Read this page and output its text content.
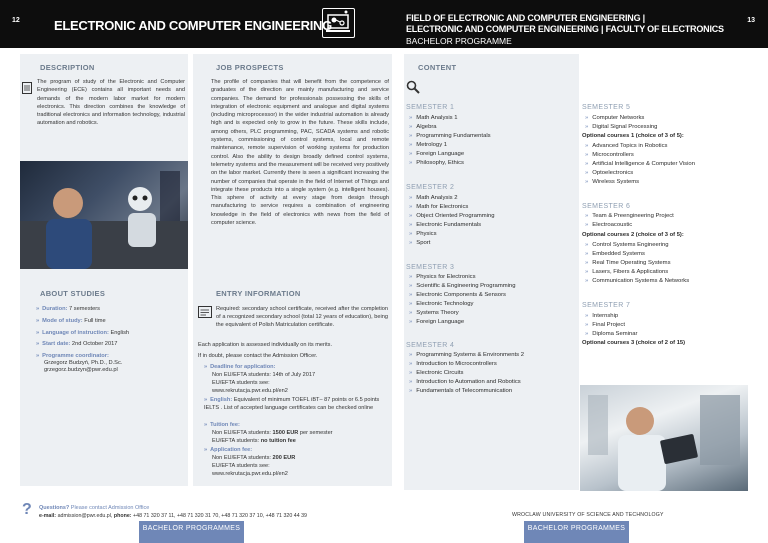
12	ELECTRONIC AND COMPUTER ENGINEERING	FIELD OF ELECTRONIC AND COMPUTER ENGINEERING |
ELECTRONIC AND COMPUTER ENGINEERING | FACULTY OF ELECTRONICS
BACHELOR PROGRAMME
13
DESCRIPTION

The program of study of the Electronic and Computer Engineering (ECE) contains all important needs and demands of the modern labor market for modern electronics. This direction combines the knowledge of traditional electronics and information technology, industrial automation and robotics.

ABOUT STUDIES
» Duration: 7 semesters
» Mode of study: Full time
» Language of instruction: English
» Start date: 2nd October 2017
» Programme coordinator:
Grzegorz Budzyń, Ph.D., D.Sc.
grzegorz.budzyn@pwr.edu.pl
JOB PROSPECTS

The profile of companies that will benefit from the competence of graduates of the direction are mainly manufacturing and service companies. The demand for professionals possessing the skills of integration of electronic equipment and analogue and digital systems (including microprocessor) in the wider industrial automation is already high and is expected only to grow in the future. These skills include, among others, PLC programming, PAC, SCADA systems and robotic systems, commissioning of control systems, local and remote maintenance, remote supervision of working systems for production control. Also the ability to design broadly defined control systems, telemetry systems and the measurement will be received very positively on the labor market. Currently there is seen a significant increasing the number of companies that operate in the field of Internet of Things and integrate these products into a single system (e.g. intelligent houses). This sphere of activity at every stage from design through manufacturing to service requires a combination of engineering knowledge in the field of electronics with news from the field of computer science.

ENTRY INFORMATION

Required: secondary school certificate, received after the completion of a recognized secondary school (total 12 years of education), being the equivalent of Polish Matriculation certificate.

Each application is assessed individually on its merits.

If in doubt, please contact the Admission Officer.

» Deadline for application:
Non EU/EFTA students: 14th of July 2017
EU/EFTA students see:
www.rekrutacja.pwr.edu.pl/en2
» English: Equivalent of minimum TOEFL iBT– 87 points or 6.5 points IELTS . List of accepted language certificates can be checked online
» Tuition fee:
Non EU/EFTA students: 1500 EUR per semester
EU/EFTA students: no tuition fee
» Application fee:
Non EU/EFTA students: 200 EUR
EU/EFTA students see:
www.rekrutacja.pwr.edu.pl/en2
CONTENT
SEMESTER 1
» Math Analysis 1
» Algebra
» Programming Fundamentals
» Metrology 1
» Foreign Language
» Philosophy, Ethics
SEMESTER 2
» Math Analysis 2
» Math for Electronics
» Object Oriented Programming
» Electronic Fundamentals
» Physics
» Sport
SEMESTER 3
» Physics for Electronics
» Scientific & Engineering Programming
» Electronic Components & Sensors
» Electronic Technology
» Systems Theory
» Foreign Language
SEMESTER 4
» Programming Systems & Environments 2
» Introduction to Microcontrollers
» Electronic Circuits
» Introduction to Automation and Robotics
» Fundamentals of Telecommunication
SEMESTER 5
» Computer Networks
» Digital Signal Processing
Optional courses 1 (choice of 3 of 5):
» Advanced Topics in Robotics
» Microcontrollers
» Artificial Intelligence & Computer Vision
» Optoelectronics
» Wireless Systems
SEMESTER 6
» Team & Preengineering Project
» Electroacoustic
Optional courses 2 (choice of 3 of 5):
» Control Systems Engineering
» Embedded Systems
» Real Time Operating Systems
» Lasers, Fibers & Applications
» Communication Systems & Networks
SEMESTER 7
» Internship
» Final Project
» Diploma Seminar
Optional courses 3 (choice of 2 of 15)
? Questions? Please contact Admission Office
e-mail: admission@pwr.edu.pl, phone: +48 71 320 37 11, +48 71 320 31 70, +48 71 320 37 10, +48 71 320 44 39	WROCLAW UNIVERSITY OF SCIENCE AND TECHNOLOGY
BACHELOR PROGRAMMES	BACHELOR PROGRAMMES
